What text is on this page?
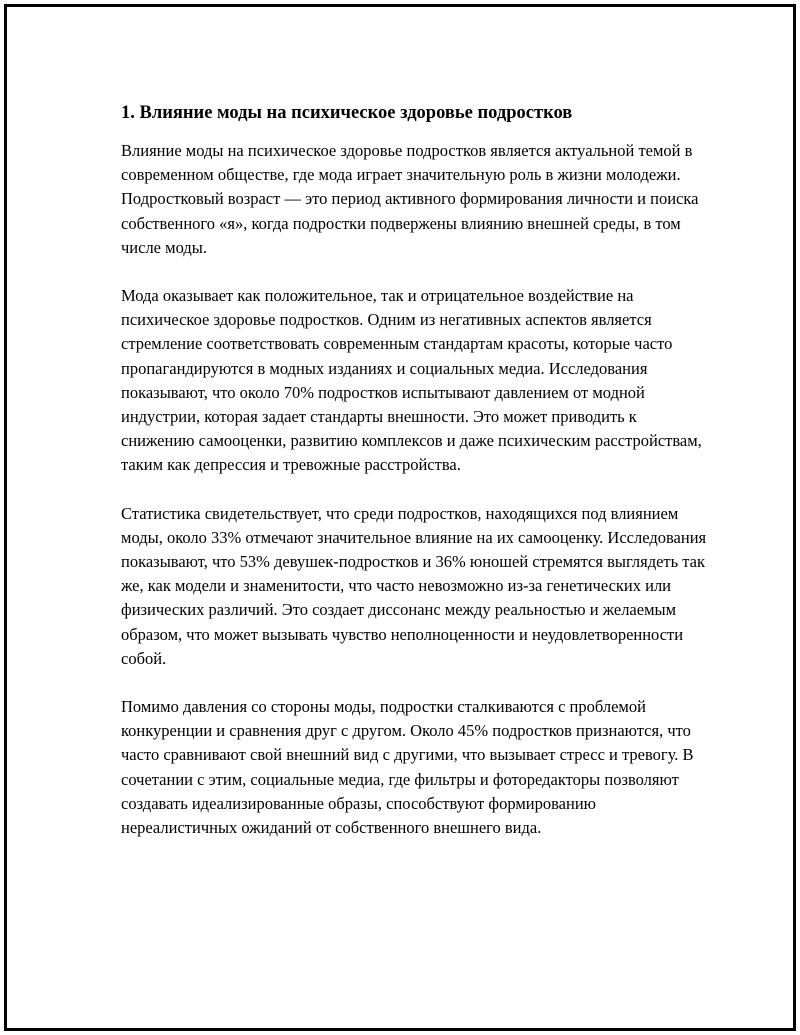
1. Влияние моды на психическое здоровье подростков

Влияние моды на психическое здоровье подростков является актуальной темой в современном обществе, где мода играет значительную роль в жизни молодежи. Подростковый возраст — это период активного формирования личности и поиска собственного «я», когда подростки подвержены влиянию внешней среды, в том числе моды.

Мода оказывает как положительное, так и отрицательное воздействие на психическое здоровье подростков. Одним из негативных аспектов является стремление соответствовать современным стандартам красоты, которые часто пропагандируются в модных изданиях и социальных медиа. Исследования показывают, что около 70% подростков испытывают давлением от модной индустрии, которая задает стандарты внешности. Это может приводить к снижению самооценки, развитию комплексов и даже психическим расстройствам, таким как депрессия и тревожные расстройства.

Статистика свидетельствует, что среди подростков, находящихся под влиянием моды, около 33% отмечают значительное влияние на их самооценку. Исследования показывают, что 53% девушек-подростков и 36% юношей стремятся выглядеть так же, как модели и знаменитости, что часто невозможно из-за генетических или физических различий. Это создает диссонанс между реальностью и желаемым образом, что может вызывать чувство неполноценности и неудовлетворенности собой.

Помимо давления со стороны моды, подростки сталкиваются с проблемой конкуренции и сравнения друг с другом. Около 45% подростков признаются, что часто сравнивают свой внешний вид с другими, что вызывает стресс и тревогу. В сочетании с этим, социальные медиа, где фильтры и фоторедакторы позволяют создавать идеализированные образы, способствуют формированию нереалистичных ожиданий от собственного внешнего вида.
